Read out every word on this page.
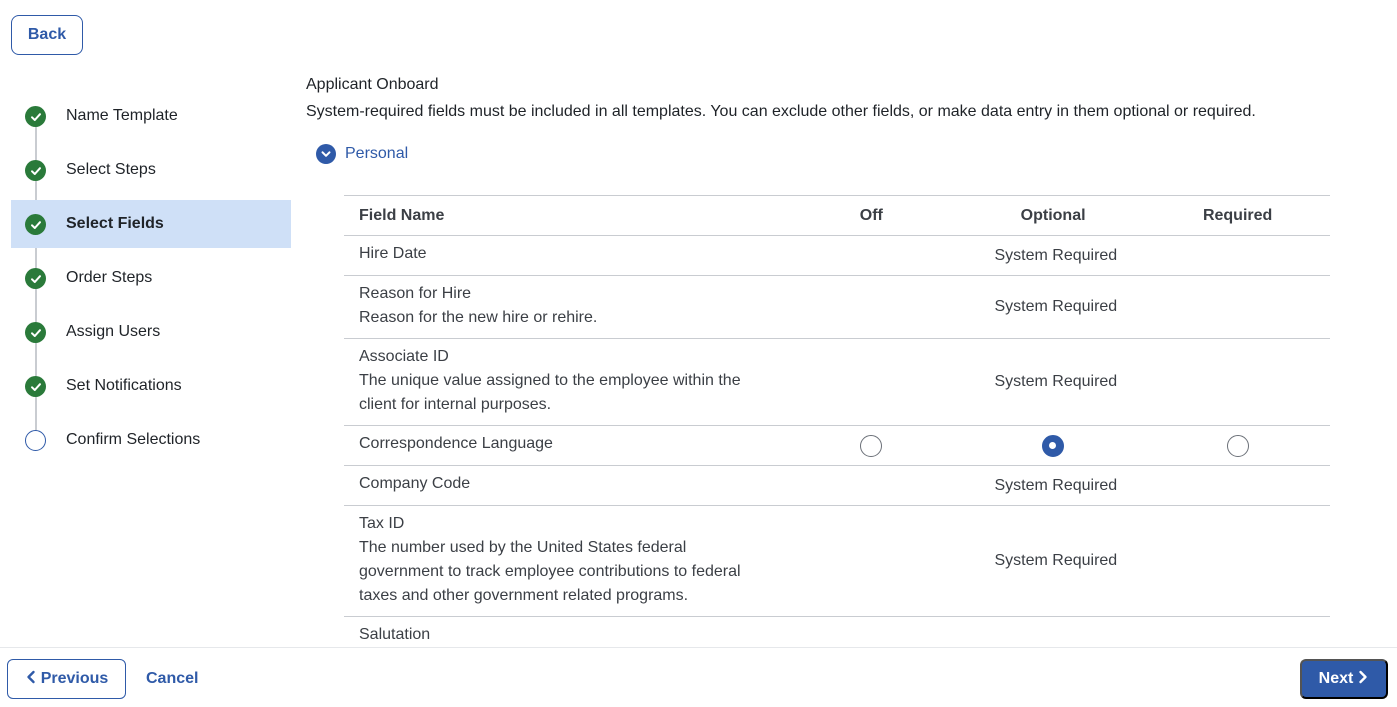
Back
Name Template
Select Steps
Select Fields
Order Steps
Assign Users
Set Notifications
Confirm Selections
Applicant Onboard
System-required fields must be included in all templates. You can exclude other fields, or make data entry in them optional or required.
Personal
Field Name	Off	Optional	Required

Hire Date	System Required		

Reason for Hire
Reason for the new hire or rehire.	System Required		

Associate ID
The unique value assigned to the employee within the client for internal purposes.	System Required		

Correspondence Language			

Company Code	System Required		

Tax ID
The number used by the United States federal government to track employee contributions to federal taxes and other government related programs.	System Required		

Salutation			

Previous Cancel	Next
